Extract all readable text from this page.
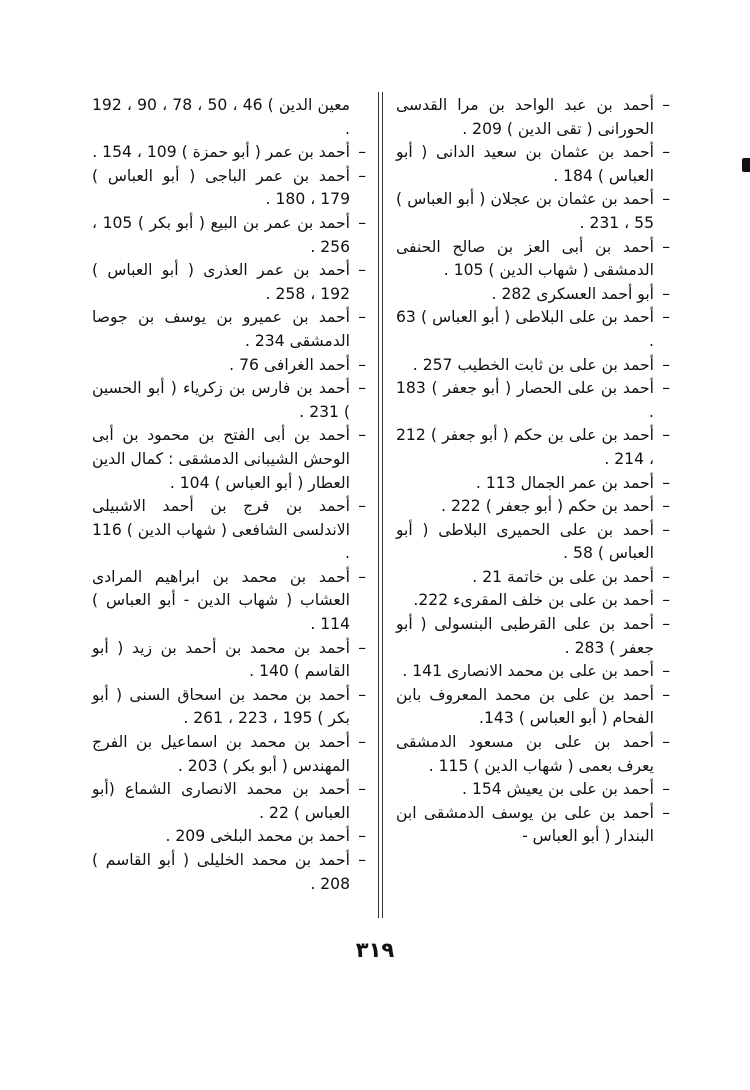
–
أحمد بن عبد الواحد بن مرا القدسى الحورانى ( تقى الدين ) 209 .

–
أحمد بن عثمان بن سعيد الدانى ( أبو العباس ) 184 .

–
أحمد بن عثمان بن عجلان ( أبو العباس ) 55 ، 231 .

–
أحمد بن أبى العز بن صالح الحنفى الدمشقى ( شهاب الدين ) 105 .

–
أبو أحمد العسكرى 282 .

–
أحمد بن على البلاطى ( أبو العباس ) 63 .

–
أحمد بن على بن ثابت الخطيب 257 .

–
أحمد بن على الحصار ( أبو جعفر ) 183 .

–
أحمد بن على بن حكم ( أبو جعفر ) 212 ، 214 .

–
أحمد بن عمر الجمال 113 .

–
أحمد بن حكم ( أبو جعفر ) 222 .

–
أحمد بن على الحميرى البلاطى ( أبو العباس ) 58 .

–
أحمد بن على بن خاتمة 21 .

–
أحمد بن على بن خلف المقرىء 222.

–
أحمد بن على القرطبى البنسولى ( أبو جعفر ) 283 .

–
أحمد بن على بن محمد الانصارى 141 .

–
أحمد بن على بن محمد المعروف بابن الفحام ( أبو العباس ) 143.

–
أحمد بن على بن مسعود الدمشقى يعرف بعمى ( شهاب الدين ) 115 .

–
أحمد بن على بن يعيش 154 .

–
أحمد بن على بن يوسف الدمشقى ابن البندار ( أبو العباس -

معين الدين ) 46 ، 50 ، 78 ، 90 ، 192 .

–
أحمد بن عمر ( أبو حمزة ) 109 ، 154 .

–
أحمد بن عمر الباجى ( أبو العباس ) 179 ، 180 .

–
أحمد بن عمر بن البيع ( أبو بكر ) 105 ، 256 .

–
أحمد بن عمر العذرى ( أبو العباس ) 192 ، 258 .

–
أحمد بن عميرو بن يوسف بن جوصا الدمشقى 234 .

–
أحمد الغرافى 76 .

–
أحمد بن فارس بن زكرياء ( أبو الحسين ) 231 .

–
أحمد بن أبى الفتح بن محمود بن أبى الوحش الشيبانى الدمشقى : كمال الدين العطار ( أبو العباس ) 104 .

–
أحمد بن فرج بن أحمد الاشبيلى الاندلسى الشافعى ( شهاب الدين ) 116 .

–
أحمد بن محمد بن ابراهيم المرادى العشاب ( شهاب الدين - أبو العباس ) 114 .

–
أحمد بن محمد بن أحمد بن زيد ( أبو القاسم ) 140 .

–
أحمد بن محمد بن اسحاق السنى ( أبو بكر ) 195 ، 223 ، 261 .

–
أحمد بن محمد بن اسماعيل بن الفرج المهندس ( أبو بكر ) 203 .

–
أحمد بن محمد الانصارى الشماع (أبو العباس ) 22 .

–
أحمد بن محمد البلخى 209 .

–
أحمد بن محمد الخليلى ( أبو القاسم ) 208 .

٣١٩
